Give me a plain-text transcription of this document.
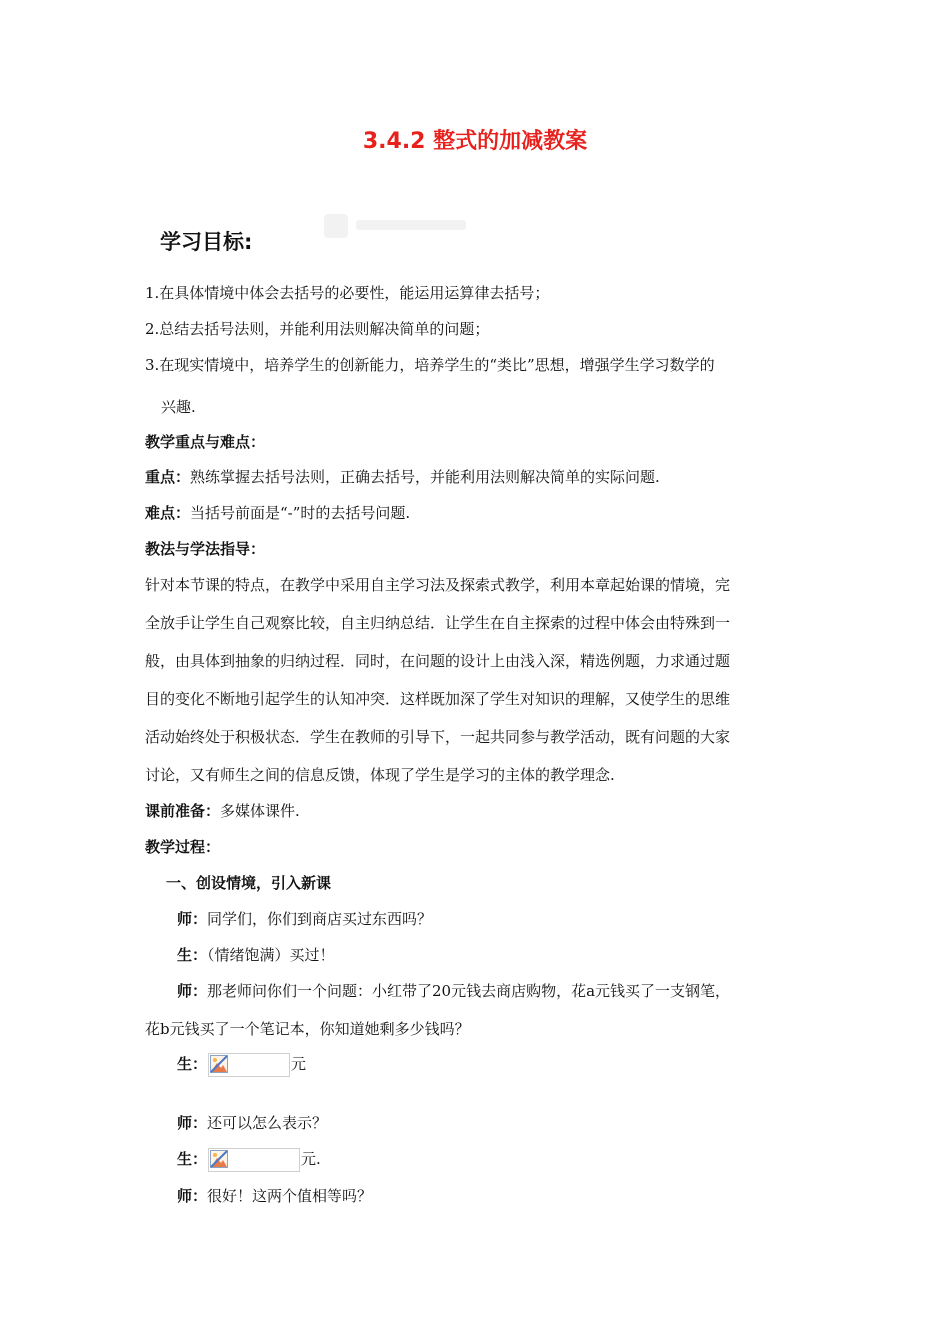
3.4.2 整式的加减教案
学习目标:
1.在具体情境中体会去括号的必要性，能运用运算律去括号；
2.总结去括号法则，并能利用法则解决简单的问题；
3.在现实情境中，培养学生的创新能力，培养学生的“类比”思想，增强学生学习数学的
兴趣.
教学重点与难点：
重点：熟练掌握去括号法则，正确去括号，并能利用法则解决简单的实际问题.
难点：当括号前面是“-”时的去括号问题.
教法与学法指导：
针对本节课的特点，在教学中采用自主学习法及探索式教学，利用本章起始课的情境，完
全放手让学生自己观察比较，自主归纳总结．让学生在自主探索的过程中体会由特殊到一
般，由具体到抽象的归纳过程．同时，在问题的设计上由浅入深，精选例题，力求通过题
目的变化不断地引起学生的认知冲突．这样既加深了学生对知识的理解，又使学生的思维
活动始终处于积极状态．学生在教师的引导下，一起共同参与教学活动，既有问题的大家
讨论，又有师生之间的信息反馈，体现了学生是学习的主体的教学理念.
课前准备：多媒体课件.
教学过程：
一、创设情境，引入新课
师：同学们，你们到商店买过东西吗？
生：（情绪饱满）买过！
师：那老师问你们一个问题：小红带了20元钱去商店购物，花a元钱买了一支钢笔，
花b元钱买了一个笔记本，你知道她剩多少钱吗？
生：	元
师：还可以怎么表示？
生：	元.
师：很好！这两个值相等吗？
